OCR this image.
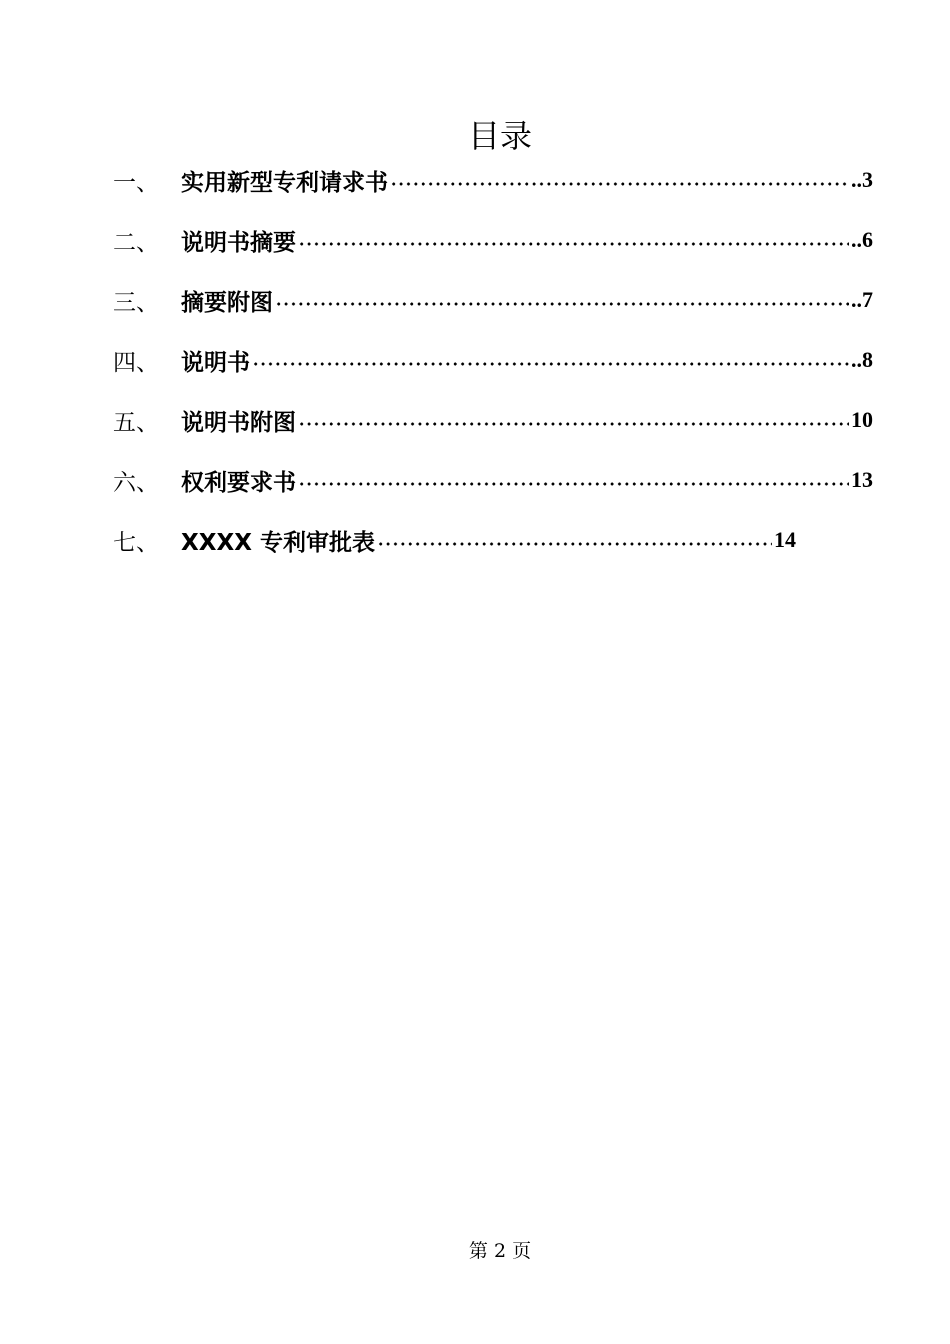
目录
一、 实用新型专利请求书	..3
二、 说明书摘要	..6
三、 摘要附图	..7
四、 说明书	..8
五、 说明书附图	10
六、 权利要求书	13
七、 XXXX 专利审批表	14
第 2 页
